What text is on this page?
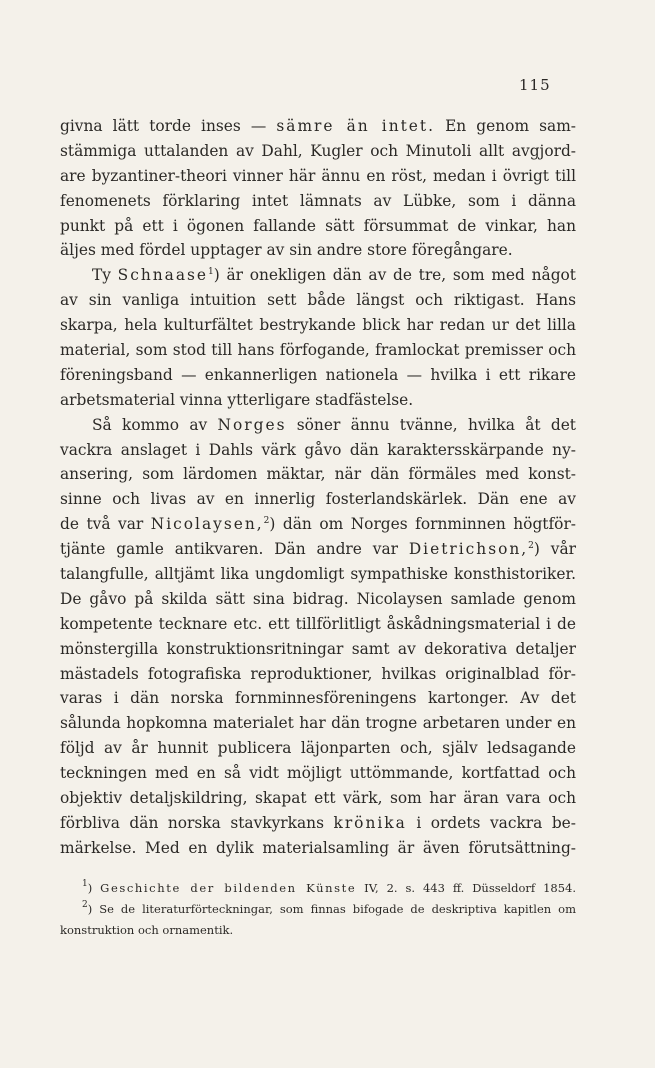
115
givna lätt torde inses — sämre än intet. En genom sam-
stämmiga uttalanden av Dahl, Kugler och Minutoli allt avgjord-
are byzantiner-theori vinner här ännu en röst, medan i övrigt till
fenomenets förklaring intet lämnats av Lübke, som i dänna
punkt på ett i ögonen fallande sätt försummat de vinkar, han
äljes med fördel upptager av sin andre store föregångare.
Ty Schnaase$^1$) är onekligen dän av de tre, som med något
av sin vanliga intuition sett både längst och riktigast. Hans
skarpa, hela kulturfältet bestrykande blick har redan ur det lilla
material, som stod till hans förfogande, framlockat premisser och
föreningsband — enkannerligen nationela — hvilka i ett rikare
arbetsmaterial vinna ytterligare stadfästelse.
Så kommo av Norges söner ännu tvänne, hvilka åt det
vackra anslaget i Dahls värk gåvo dän karaktersskärpande ny-
ansering, som lärdomen mäktar, när dän förmäles med konst-
sinne och livas av en innerlig fosterlandskärlek. Dän ene av
de två var Nicolaysen,$^2$) dän om Norges fornminnen högtför-
tjänte gamle antikvaren. Dän andre var Dietrichson,$^2$) vår
talangfulle, alltjämt lika ungdomligt sympathiske konsthistoriker.
De gåvo på skilda sätt sina bidrag. Nicolaysen samlade genom
kompetente tecknare etc. ett tillförlitligt åskådningsmaterial i de
mönstergilla konstruktionsritningar samt av dekorativa detaljer
mästadels fotografiska reproduktioner, hvilkas originalblad för-
varas i dän norska fornminnesföreningens kartonger. Av det
sålunda hopkomna materialet har dän trogne arbetaren under en
följd av år hunnit publicera läjonparten och, själv ledsagande
teckningen med en så vidt möjligt uttömmande, kortfattad och
objektiv detaljskildring, skapat ett värk, som har äran vara och
förbliva dän norska stavkyrkans krönika i ordets vackra be-
märkelse. Med en dylik materialsamling är även förutsättning-
$^1$) Geschichte der bildenden Künste IV, 2. s. 443 ff. Düsseldorf 1854.
$^2$) Se de literaturförteckningar, som finnas bifogade de deskriptiva kapitlen om
konstruktion och ornamentik.
